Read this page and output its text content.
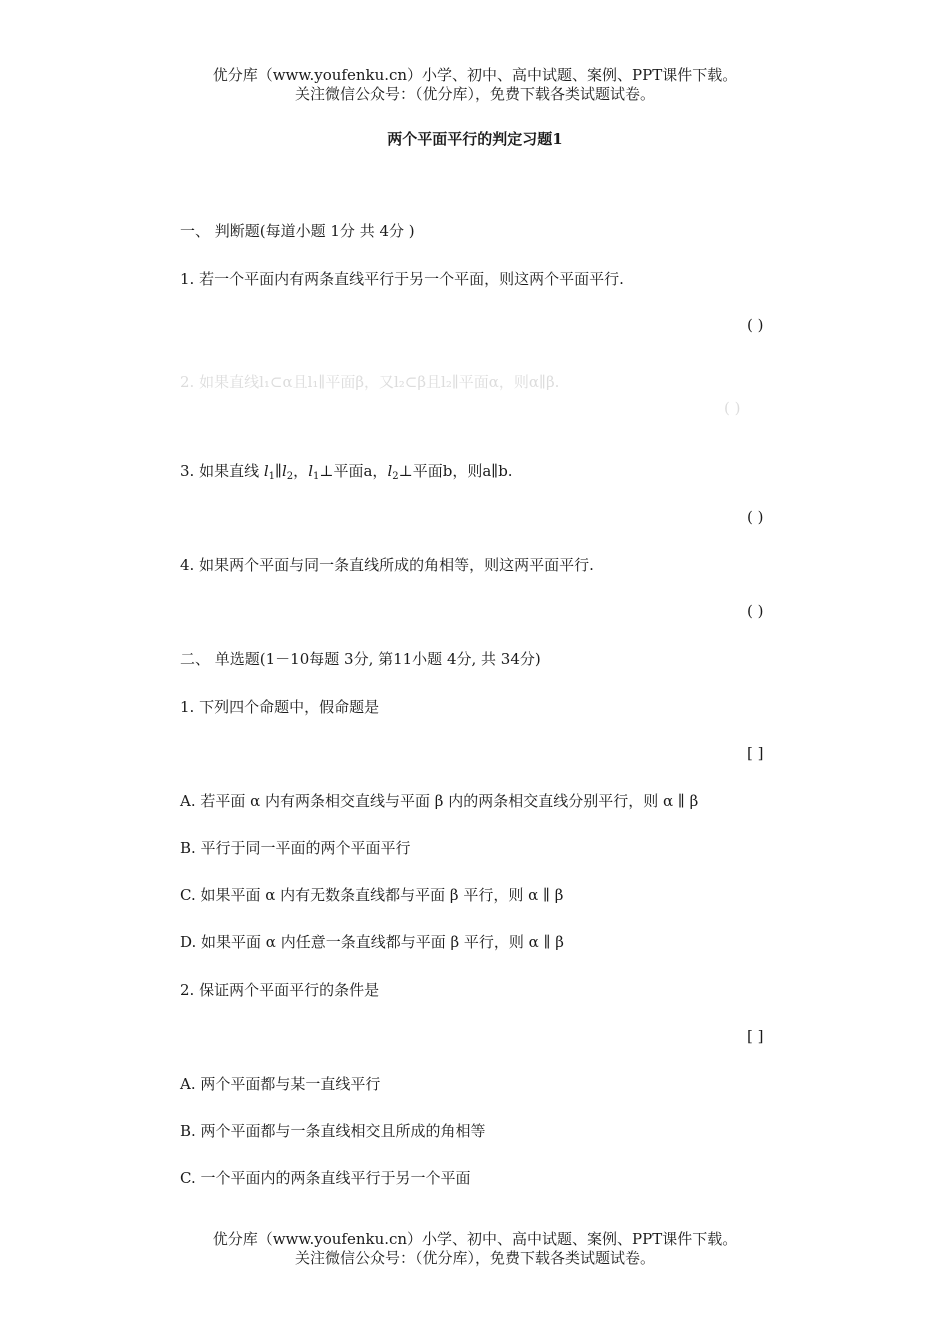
优分库（www.youfenku.cn）小学、初中、高中试题、案例、PPT课件下载。
关注微信公众号：（优分库），免费下载各类试题试卷。
两个平面平行的判定习题1
一、 判断题(每道小题 1分 共 4分 )
1. 若一个平面内有两条直线平行于另一个平面，则这两个平面平行.
( )
2. 如果直线l₁⊂α且l₁∥平面β，又l₂⊂β且l₂∥平面α，则α∥β.
( )
3. 如果直线 $l_1\parallel l_2$，$l_1\perp$平面a，$l_2\perp$平面b，则a∥b.
( )
4. 如果两个平面与同一条直线所成的角相等，则这两平面平行.
( )
二、 单选题(1－10每题 3分, 第11小题 4分, 共 34分)
1. 下列四个命题中，假命题是
[ ]
A. 若平面 α 内有两条相交直线与平面 β 内的两条相交直线分别平行，则 α ∥ β
B. 平行于同一平面的两个平面平行
C. 如果平面 α 内有无数条直线都与平面 β 平行，则 α ∥ β
D. 如果平面 α 内任意一条直线都与平面 β 平行，则 α ∥ β
2. 保证两个平面平行的条件是
[ ]
A. 两个平面都与某一直线平行
B. 两个平面都与一条直线相交且所成的角相等
C. 一个平面内的两条直线平行于另一个平面
优分库（www.youfenku.cn）小学、初中、高中试题、案例、PPT课件下载。
关注微信公众号：（优分库），免费下载各类试题试卷。
